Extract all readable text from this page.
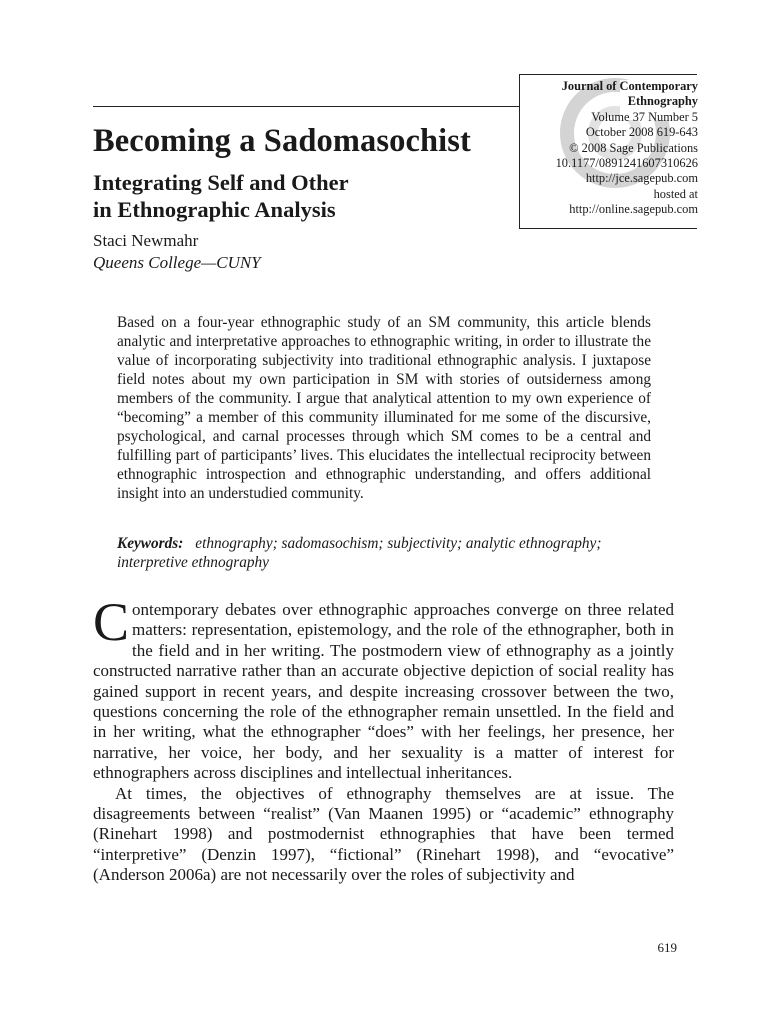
Journal of Contemporary
Ethnography
Volume 37 Number 5
October 2008 619-643
© 2008 Sage Publications
10.1177/0891241607310626
http://jce.sagepub.com
hosted at
http://online.sagepub.com
Becoming a Sadomasochist
Integrating Self and Other
in Ethnographic Analysis
Staci Newmahr
Queens College—CUNY

Based on a four-year ethnographic study of an SM community, this article blends analytic and interpretative approaches to ethnographic writing, in order to illustrate the value of incorporating subjectivity into traditional ethnographic analysis. I juxtapose field notes about my own participation in SM with stories of outsiderness among members of the community. I argue that analytical attention to my own experience of “becoming” a member of this community illuminated for me some of the discursive, psychological, and carnal processes through which SM comes to be a central and fulfilling part of participants’ lives. This elucidates the intellectual reciprocity between ethnographic introspection and ethnographic understanding, and offers additional insight into an understudied community.

Keywords: ethnography; sadomasochism; subjectivity; analytic ethnography; interpretive ethnography

Contemporary debates over ethnographic approaches converge on three related matters: representation, epistemology, and the role of the ethnographer, both in the field and in her writing. The postmodern view of ethnography as a jointly constructed narrative rather than an accurate objective depiction of social reality has gained support in recent years, and despite increasing crossover between the two, questions concerning the role of the ethnographer remain unsettled. In the field and in her writing, what the ethnographer “does” with her feelings, her presence, her narrative, her voice, her body, and her sexuality is a matter of interest for ethnographers across disciplines and intellectual inheritances.

At times, the objectives of ethnography themselves are at issue. The disagreements between “realist” (Van Maanen 1995) or “academic” ethnography (Rinehart 1998) and postmodernist ethnographies that have been termed “interpretive” (Denzin 1997), “fictional” (Rinehart 1998), and “evocative” (Anderson 2006a) are not necessarily over the roles of subjectivity and

619
